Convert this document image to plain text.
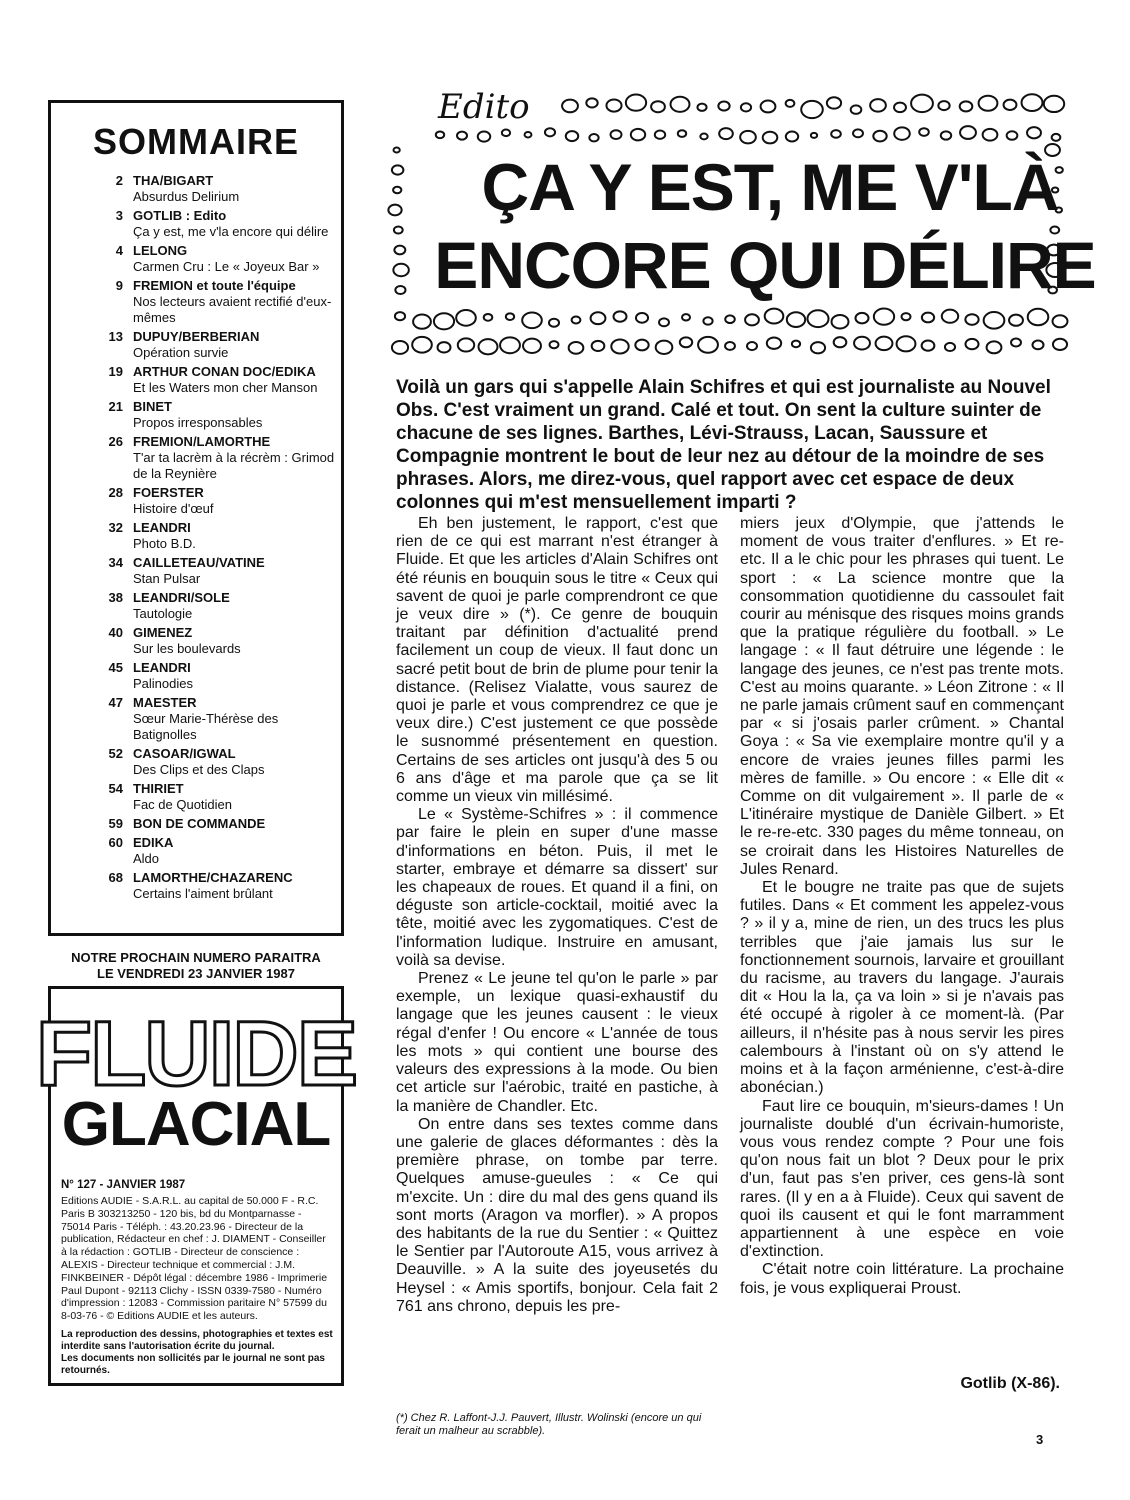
SOMMAIRE
2 THA/BIGART
Absurdus Delirium
3 GOTLIB : Edito
Ça y est, me v'la encore qui délire
4 LELONG
Carmen Cru : Le « Joyeux Bar »
9 FREMION et toute l'équipe
Nos lecteurs avaient rectifié d'eux-mêmes
13 DUPUY/BERBERIAN
Opération survie
19 ARTHUR CONAN DOC/EDIKA
Et les Waters mon cher Manson
21 BINET
Propos irresponsables
26 FREMION/LAMORTHE
T'ar ta lacrèm à la récrèm : Grimod de la Reynière
28 FOERSTER
Histoire d'œuf
32 LEANDRI
Photo B.D.
34 CAILLETEAU/VATINE
Stan Pulsar
38 LEANDRI/SOLE
Tautologie
40 GIMENEZ
Sur les boulevards
45 LEANDRI
Palinodies
47 MAESTER
Sœur Marie-Thérèse des Batignolles
52 CASOAR/IGWAL
Des Clips et des Claps
54 THIRIET
Fac de Quotidien
59 BON DE COMMANDE
60 EDIKA
Aldo
68 LAMORTHE/CHAZARENC
Certains l'aiment brûlant
NOTRE PROCHAIN NUMERO PARAITRA
LE VENDREDI 23 JANVIER 1987
FLUIDE
GLACIAL
N° 127 - JANVIER 1987
Editions AUDIE - S.A.R.L. au capital de 50.000 F - R.C. Paris B 303213250 - 120 bis, bd du Montparnasse - 75014 Paris - Téléph. : 43.20.23.96 - Directeur de la publication, Rédacteur en chef : J. DIAMENT - Conseiller à la rédaction : GOTLIB - Directeur de conscience : ALEXIS - Directeur technique et commercial : J.M. FINKBEINER - Dépôt légal : décembre 1986 - Imprimerie Paul Dupont - 92113 Clichy - ISSN 0339-7580 - Numéro d'impression : 12083 - Commission paritaire N° 57599 du 8-03-76 - © Editions AUDIE et les auteurs.
La reproduction des dessins, photographies et textes est interdite sans l'autorisation écrite du journal.
Les documents non sollicités par le journal ne sont pas retournés.
Edito
ÇA Y EST, ME V'LÀ
ENCORE QUI DÉLIRE
Voilà un gars qui s'appelle Alain Schifres et qui est journaliste au Nouvel Obs. C'est vraiment un grand. Calé et tout. On sent la culture suinter de chacune de ses lignes. Barthes, Lévi-Strauss, Lacan, Saussure et Compagnie montrent le bout de leur nez au détour de la moindre de ses phrases. Alors, me direz-vous, quel rapport avec cet espace de deux colonnes qui m'est mensuellement imparti ?

Eh ben justement, le rapport, c'est que rien de ce qui est marrant n'est étranger à Fluide. Et que les articles d'Alain Schifres ont été réunis en bouquin sous le titre « Ceux qui savent de quoi je parle comprendront ce que je veux dire » (*). Ce genre de bouquin traitant par définition d'actualité prend facilement un coup de vieux. Il faut donc un sacré petit bout de brin de plume pour tenir la distance. (Relisez Vialatte, vous saurez de quoi je parle et vous comprendrez ce que je veux dire.) C'est justement ce que possède le susnommé présentement en question. Certains de ses articles ont jusqu'à des 5 ou 6 ans d'âge et ma parole que ça se lit comme un vieux vin millésimé.

Le « Système-Schifres » : il commence par faire le plein en super d'une masse d'informations en béton. Puis, il met le starter, embraye et démarre sa dissert' sur les chapeaux de roues. Et quand il a fini, on déguste son article-cocktail, moitié avec la tête, moitié avec les zygomatiques. C'est de l'information ludique. Instruire en amusant, voilà sa devise.

Prenez « Le jeune tel qu'on le parle » par exemple, un lexique quasi-exhaustif du langage que les jeunes causent : le vieux régal d'enfer ! Ou encore « L'année de tous les mots » qui contient une bourse des valeurs des expressions à la mode. Ou bien cet article sur l'aérobic, traité en pastiche, à la manière de Chandler. Etc.

On entre dans ses textes comme dans une galerie de glaces déformantes : dès la première phrase, on tombe par terre. Quelques amuse-gueules : « Ce qui m'excite. Un : dire du mal des gens quand ils sont morts (Aragon va morfler). » A propos des habitants de la rue du Sentier : « Quittez le Sentier par l'Autoroute A15, vous arrivez à Deauville. » A la suite des joyeusetés du Heysel : « Amis sportifs, bonjour. Cela fait 2 761 ans chrono, depuis les pre-

miers jeux d'Olympie, que j'attends le moment de vous traiter d'enflures. » Et re-etc. Il a le chic pour les phrases qui tuent. Le sport : « La science montre que la consommation quotidienne du cassoulet fait courir au ménisque des risques moins grands que la pratique régulière du football. » Le langage : « Il faut détruire une légende : le langage des jeunes, ce n'est pas trente mots. C'est au moins quarante. » Léon Zitrone : « Il ne parle jamais crûment sauf en commençant par « si j'osais parler crûment. » Chantal Goya : « Sa vie exemplaire montre qu'il y a encore de vraies jeunes filles parmi les mères de famille. » Ou encore : « Elle dit « Comme on dit vulgairement ». Il parle de « L'itinéraire mystique de Danièle Gilbert. » Et le re-re-etc. 330 pages du même tonneau, on se croirait dans les Histoires Naturelles de Jules Renard.

Et le bougre ne traite pas que de sujets futiles. Dans « Et comment les appelez-vous ? » il y a, mine de rien, un des trucs les plus terribles que j'aie jamais lus sur le fonctionnement sournois, larvaire et grouillant du racisme, au travers du langage. J'aurais dit « Hou la la, ça va loin » si je n'avais pas été occupé à rigoler à ce moment-là. (Par ailleurs, il n'hésite pas à nous servir les pires calembours à l'instant où on s'y attend le moins et à la façon arménienne, c'est-à-dire abonécian.)

Faut lire ce bouquin, m'sieurs-dames ! Un journaliste doublé d'un écrivain-humoriste, vous vous rendez compte ? Pour une fois qu'on nous fait un blot ? Deux pour le prix d'un, faut pas s'en priver, ces gens-là sont rares. (Il y en a à Fluide). Ceux qui savent de quoi ils causent et qui le font marramment appartiennent à une espèce en voie d'extinction.

C'était notre coin littérature. La prochaine fois, je vous expliquerai Proust.

Gotlib (X-86).
(*) Chez R. Laffont-J.J. Pauvert, Illustr. Wolinski (encore un qui ferait un malheur au scrabble).
3
